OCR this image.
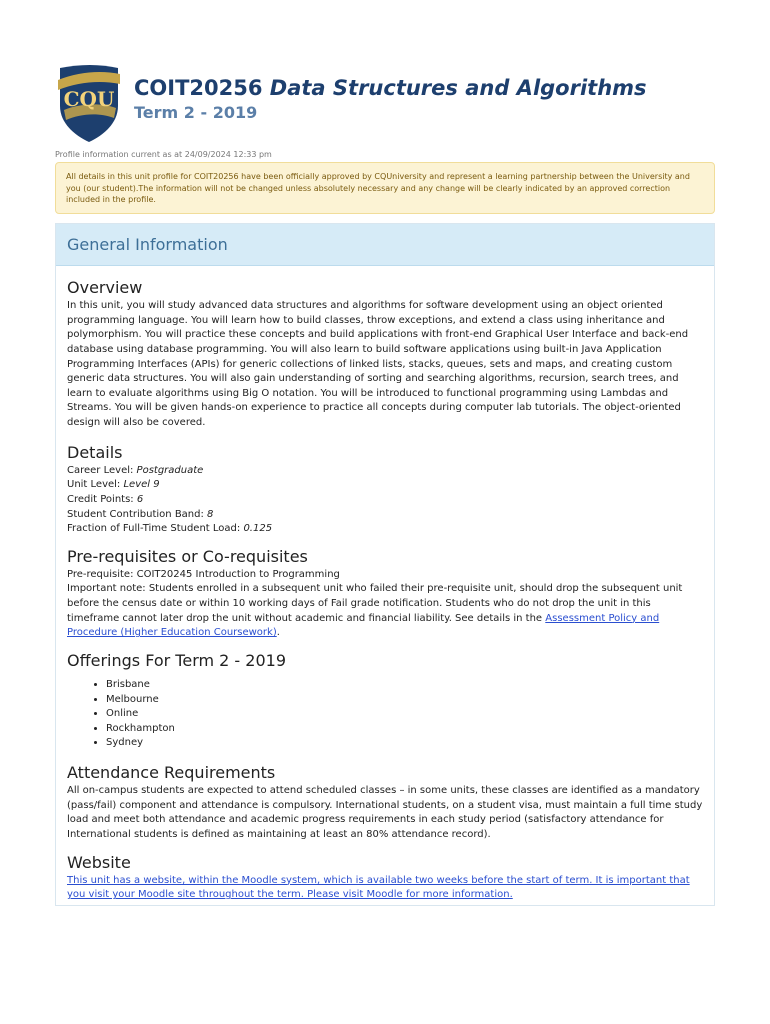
CQU COIT20256 Data Structures and Algorithms
Term 2 - 2019
Profile information current as at 24/09/2024 12:33 pm
All details in this unit profile for COIT20256 have been officially approved by CQUniversity and represent a learning partnership between the University and you (our student).The information will not be changed unless absolutely necessary and any change will be clearly indicated by an approved correction included in the profile.
General Information
Overview

In this unit, you will study advanced data structures and algorithms for software development using an object oriented programming language. You will learn how to build classes, throw exceptions, and extend a class using inheritance and polymorphism. You will practice these concepts and build applications with front-end Graphical User Interface and back-end database using database programming. You will also learn to build software applications using built-in Java Application Programming Interfaces (APIs) for generic collections of linked lists, stacks, queues, sets and maps, and creating custom generic data structures. You will also gain understanding of sorting and searching algorithms, recursion, search trees, and learn to evaluate algorithms using Big O notation. You will be introduced to functional programming using Lambdas and Streams. You will be given hands-on experience to practice all concepts during computer lab tutorials. The object-oriented design will also be covered.

Details
Career Level: Postgraduate
Unit Level: Level 9
Credit Points: 6
Student Contribution Band: 8
Fraction of Full-Time Student Load: 0.125
Pre-requisites or Co-requisites

Pre-requisite: COIT20245 Introduction to Programming

Important note: Students enrolled in a subsequent unit who failed their pre-requisite unit, should drop the subsequent unit before the census date or within 10 working days of Fail grade notification. Students who do not drop the unit in this timeframe cannot later drop the unit without academic and financial liability. See details in the Assessment Policy and Procedure (Higher Education Coursework).

Offerings For Term 2 - 2019
• Brisbane
• Melbourne
• Online
• Rockhampton
• Sydney
Attendance Requirements

All on-campus students are expected to attend scheduled classes – in some units, these classes are identified as a mandatory (pass/fail) component and attendance is compulsory. International students, on a student visa, must maintain a full time study load and meet both attendance and academic progress requirements in each study period (satisfactory attendance for International students is defined as maintaining at least an 80% attendance record).

Website

This unit has a website, within the Moodle system, which is available two weeks before the start of term. It is important that you visit your Moodle site throughout the term. Please visit Moodle for more information.
